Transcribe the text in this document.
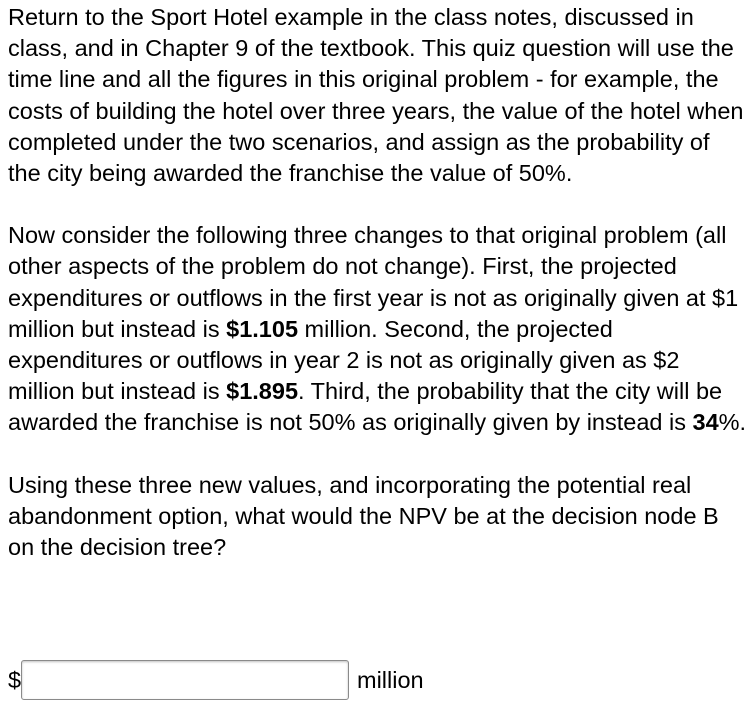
Return to the Sport Hotel example in the class notes, discussed in class, and in Chapter 9 of the textbook. This quiz question will use the time line and all the figures in this original problem - for example, the costs of building the hotel over three years, the value of the hotel when completed under the two scenarios, and assign as the probability of the city being awarded the franchise the value of 50%.

Now consider the following three changes to that original problem (all other aspects of the problem do not change). First, the projected expenditures or outflows in the first year is not as originally given at $1 million but instead is $1.105 million. Second, the projected expenditures or outflows in year 2 is not as originally given as $2 million but instead is $1.895. Third, the probability that the city will be awarded the franchise is not 50% as originally given by instead is 34%.

Using these three new values, and incorporating the potential real abandonment option, what would the NPV be at the decision node B on the decision tree?

$	million
